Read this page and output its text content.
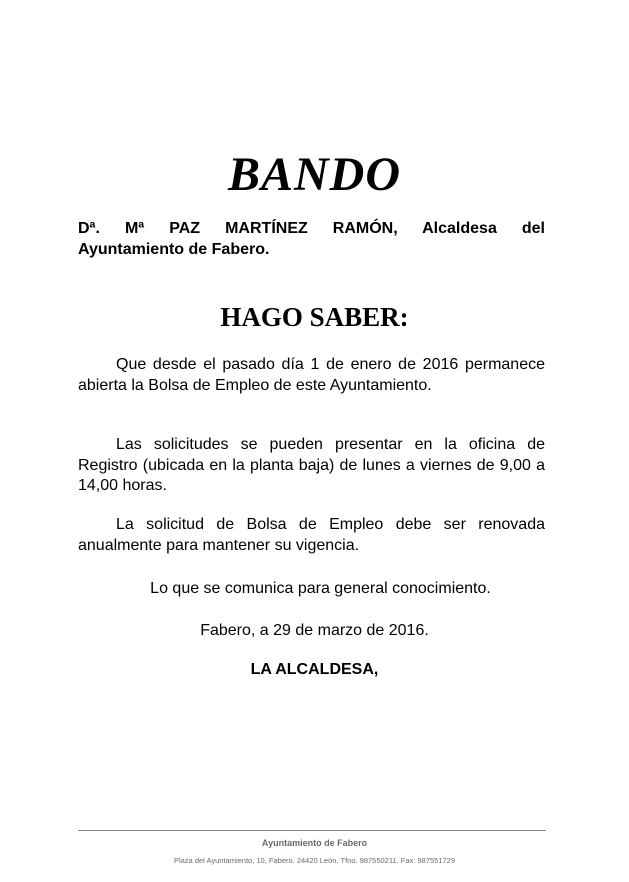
BANDO
Dª. Mª PAZ MARTÍNEZ RAMÓN, Alcaldesa del
Ayuntamiento de Fabero.
HAGO SABER:
Que desde el pasado día 1 de enero de 2016 permanece abierta la Bolsa de Empleo de este Ayuntamiento.
Las solicitudes se pueden presentar en la oficina de Registro (ubicada en la planta baja) de lunes a viernes de 9,00 a 14,00 horas.
La solicitud de Bolsa de Empleo debe ser renovada anualmente para mantener su vigencia.
Lo que se comunica para general conocimiento.
Fabero, a 29 de marzo de 2016.
LA ALCALDESA,
Ayuntamiento de Fabero
Plaza del Ayuntamiento, 10, Fabero. 24420 León. Tfno. 987550211. Fax: 987551729
